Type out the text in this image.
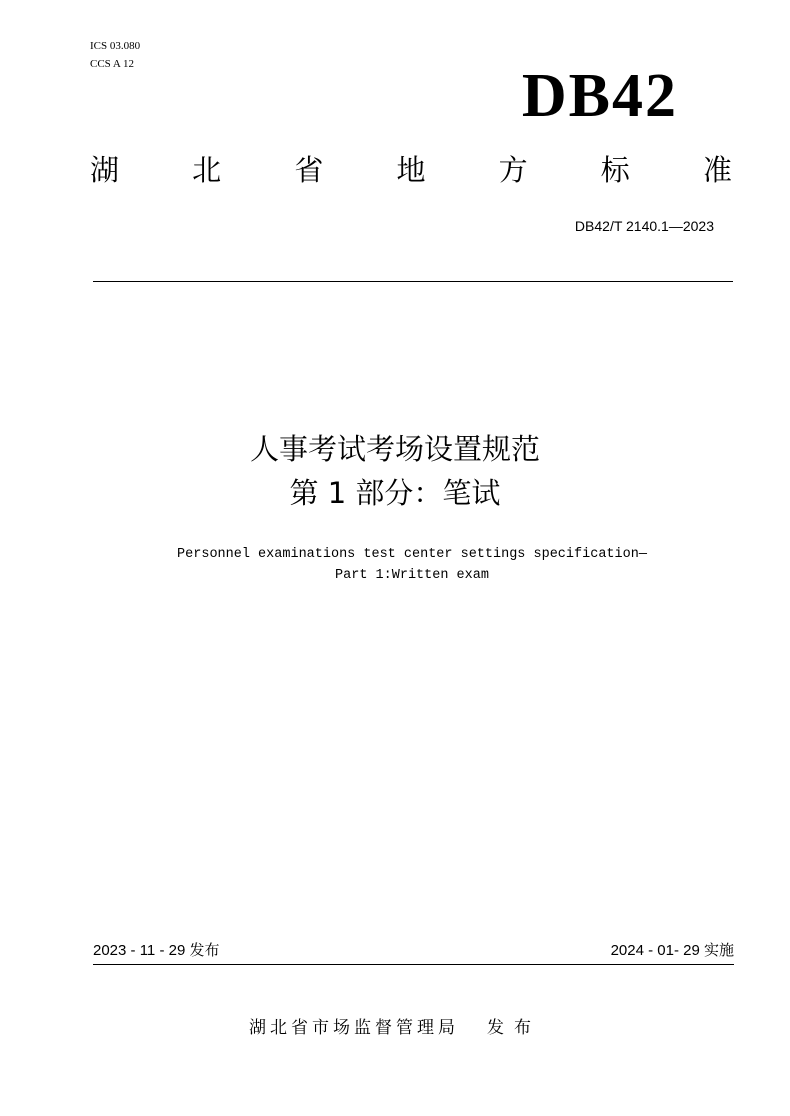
ICS 03.080
CCS A 12	DB42
湖	北	省	地	方	标	准
DB42/T 2140.1—2023
人事考试考场设置规范
第 1 部分：笔试
Personnel examinations test center settings specification—
Part 1:Written exam
2023 - 11 - 29 发布	2024 - 01- 29 实施
湖北省市场监督管理局 发布
